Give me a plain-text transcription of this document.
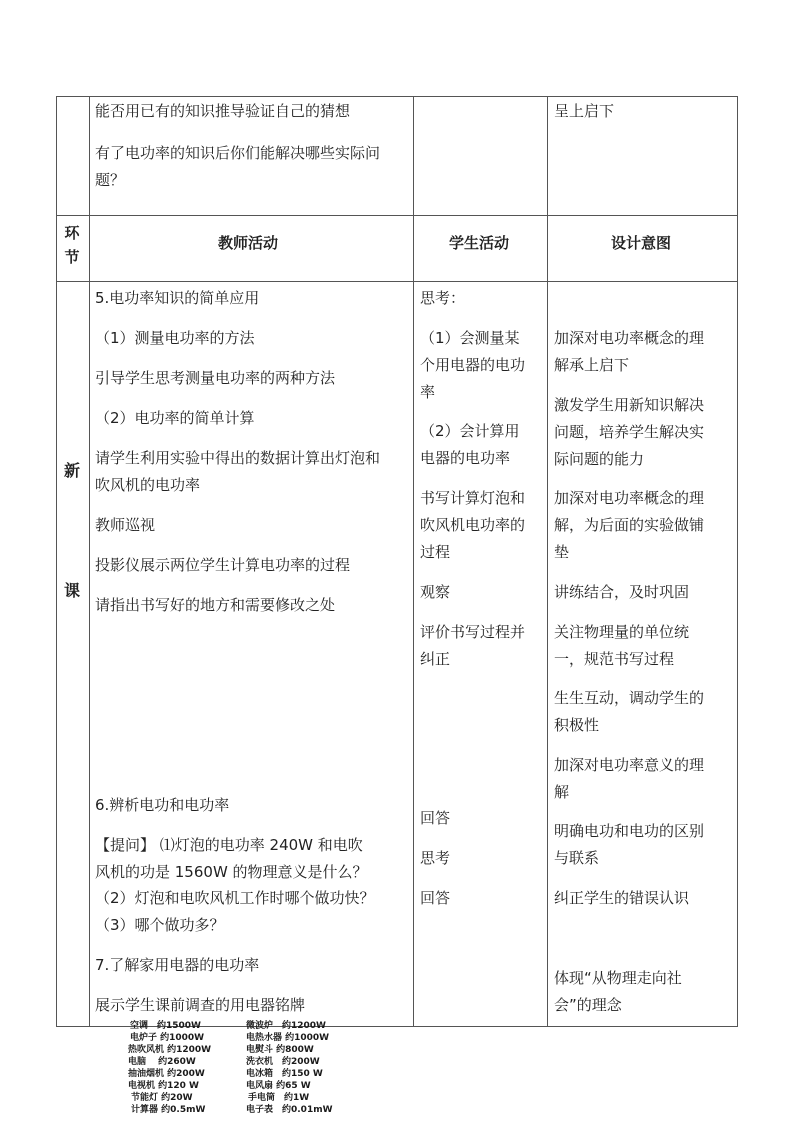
能否用已有的知识推导验证自己的猜想
有了电功率的知识后你们能解决哪些实际问
题？
呈上启下
环
节
教师活动	学生活动	设计意图
新
课
5.电功率知识的简单应用
（1）测量电功率的方法
引导学生思考测量电功率的两种方法
（2）电功率的简单计算
请学生利用实验中得出的数据计算出灯泡和
吹风机的电功率
教师巡视
投影仪展示两位学生计算电功率的过程
请指出书写好的地方和需要修改之处
6.辨析电功和电功率
【提问】 ⑴灯泡的电功率 240W 和电吹
风机的功是 1560W 的物理意义是什么？
（2）灯泡和电吹风机工作时哪个做功快？
（3）哪个做功多？
7.了解家用电器的电功率
展示学生课前调查的用电器铭牌
思考：
（1）会测量某
个用电器的电功
率
（2）会计算用
电器的电功率
书写计算灯泡和
吹风机电功率的
过程
观察
评价书写过程并
纠正
回答
思考
回答
加深对电功率概念的理
解承上启下
激发学生用新知识解决
问题，培养学生解决实
际问题的能力
加深对电功率概念的理
解，为后面的实验做铺
垫
讲练结合，及时巩固
关注物理量的单位统
一，规范书写过程
生生互动，调动学生的
积极性
加深对电功率意义的理
解
明确电功和电功的区别
与联系
纠正学生的错误认识
体现“从物理走向社
会”的理念
空调　约1500W
电炉子 约1000W
热吹风机 约1200W
电脑　 约260W
抽油烟机 约200W
电视机 约120 W
节能灯 约20W
计算器 约0.5mW
微波炉　约1200W
电热水器 约1000W
电熨斗 约800W
洗衣机　约200W
电冰箱　约150 W
电风扇 约65 W
手电筒　约1W
电子表　约0.01mW
